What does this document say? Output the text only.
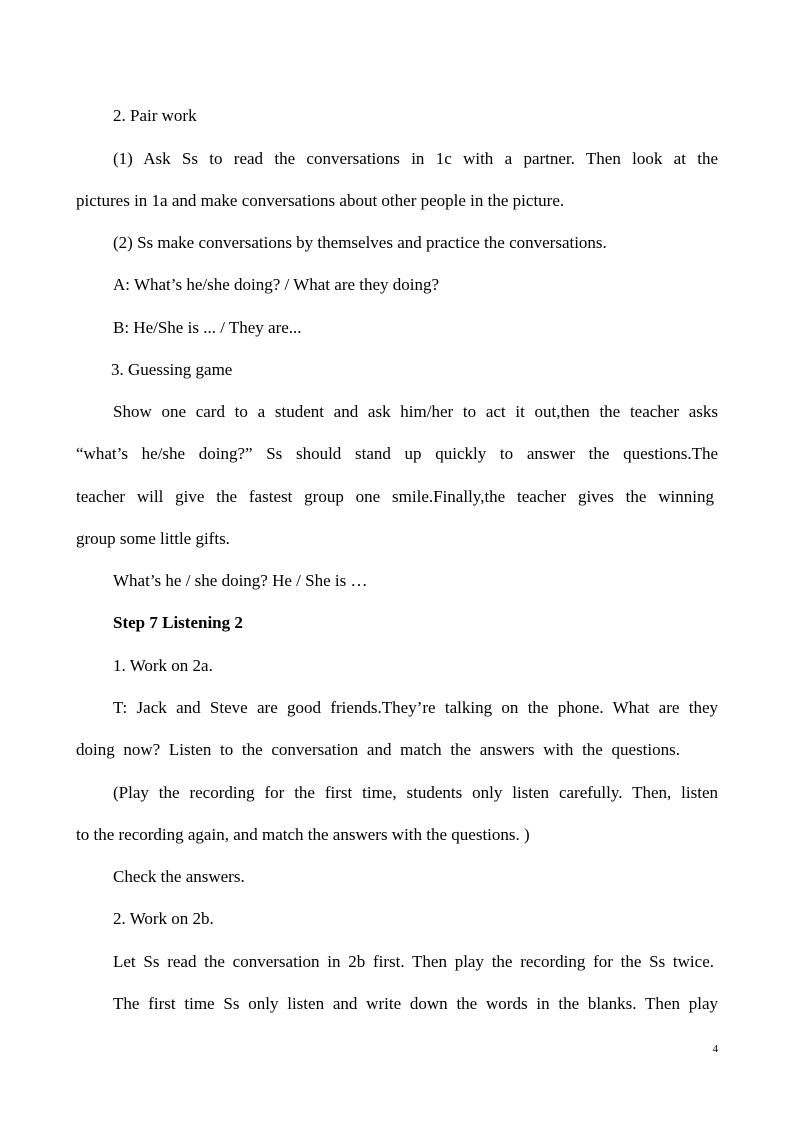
2. Pair work
(1) Ask Ss to read the conversations in 1c with a partner. Then look at the
pictures in 1a and make conversations about other people in the picture.
(2) Ss make conversations by themselves and practice the conversations.
A: What’s he/she doing? / What are they doing?
B: He/She is ... / They are...
3. Guessing game
Show one card to a student and ask him/her to act it out,then the teacher asks
“what’s he/she doing?” Ss should stand up quickly to answer the questions.The
teacher will give the fastest group one smile.Finally,the teacher gives the winning
group some little gifts.
What’s he / she doing? He / She is …
Step 7 Listening 2
1. Work on 2a.
T: Jack and Steve are good friends.They’re talking on the phone. What are they
doing now? Listen to the conversation and match the answers with the questions.
(Play the recording for the first time, students only listen carefully. Then, listen
to the recording again, and match the answers with the questions. )
Check the answers.
2. Work on 2b.
Let Ss read the conversation in 2b first. Then play the recording for the Ss twice.
The first time Ss only listen and write down the words in the blanks. Then play
4
